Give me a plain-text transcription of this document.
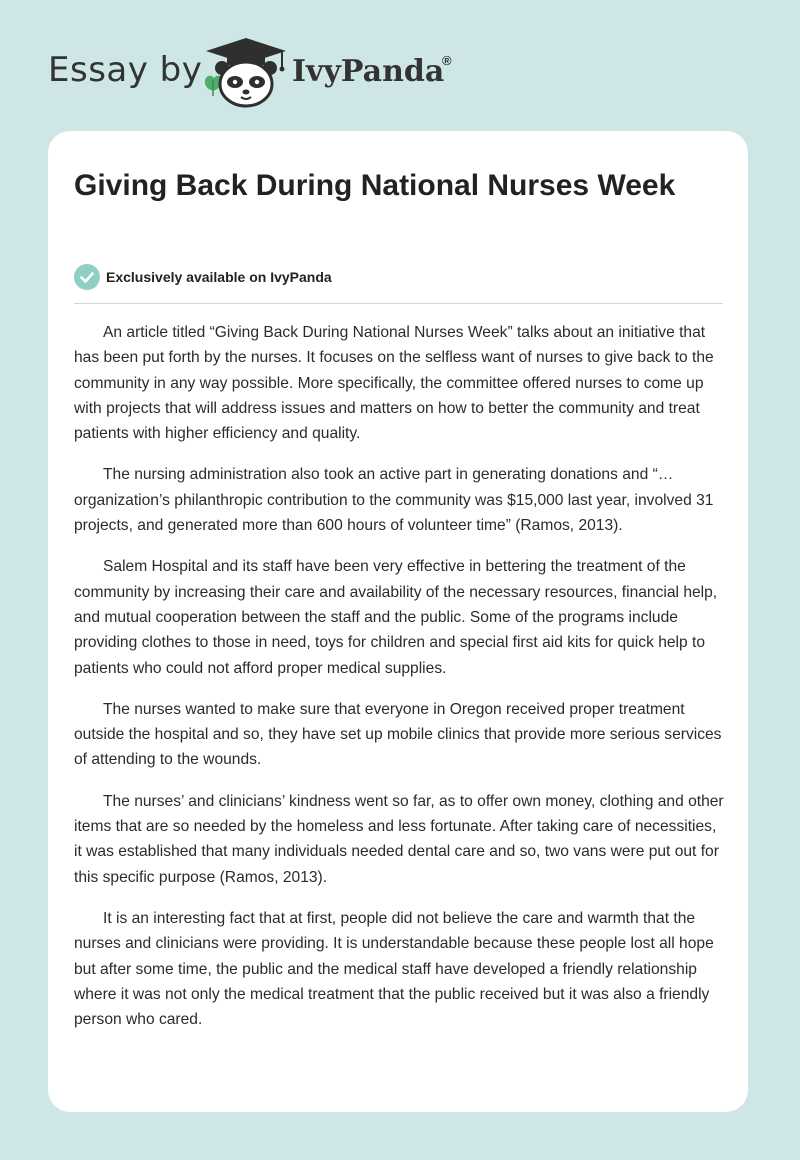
Essay by	IvyPanda
®
Giving Back During National Nurses Week
Exclusively available on IvyPanda

An article titled “Giving Back During National Nurses Week” talks about an initiative that has been put forth by the nurses. It focuses on the selfless want of nurses to give back to the community in any way possible. More specifically, the committee offered nurses to come up with projects that will address issues and matters on how to better the community and treat patients with higher efficiency and quality.

The nursing administration also took an active part in generating donations and “… organization’s philanthropic contribution to the community was $15,000 last year, involved 31 projects, and generated more than 600 hours of volunteer time” (Ramos, 2013).

Salem Hospital and its staff have been very effective in bettering the treatment of the community by increasing their care and availability of the necessary resources, financial help, and mutual cooperation between the staff and the public. Some of the programs include providing clothes to those in need, toys for children and special first aid kits for quick help to patients who could not afford proper medical supplies.

The nurses wanted to make sure that everyone in Oregon received proper treatment outside the hospital and so, they have set up mobile clinics that provide more serious services of attending to the wounds.

The nurses’ and clinicians’ kindness went so far, as to offer own money, clothing and other items that are so needed by the homeless and less fortunate. After taking care of necessities, it was established that many individuals needed dental care and so, two vans were put out for this specific purpose (Ramos, 2013).

It is an interesting fact that at first, people did not believe the care and warmth that the nurses and clinicians were providing. It is understandable because these people lost all hope but after some time, the public and the medical staff have developed a friendly relationship where it was not only the medical treatment that the public received but it was also a friendly person who cared.
